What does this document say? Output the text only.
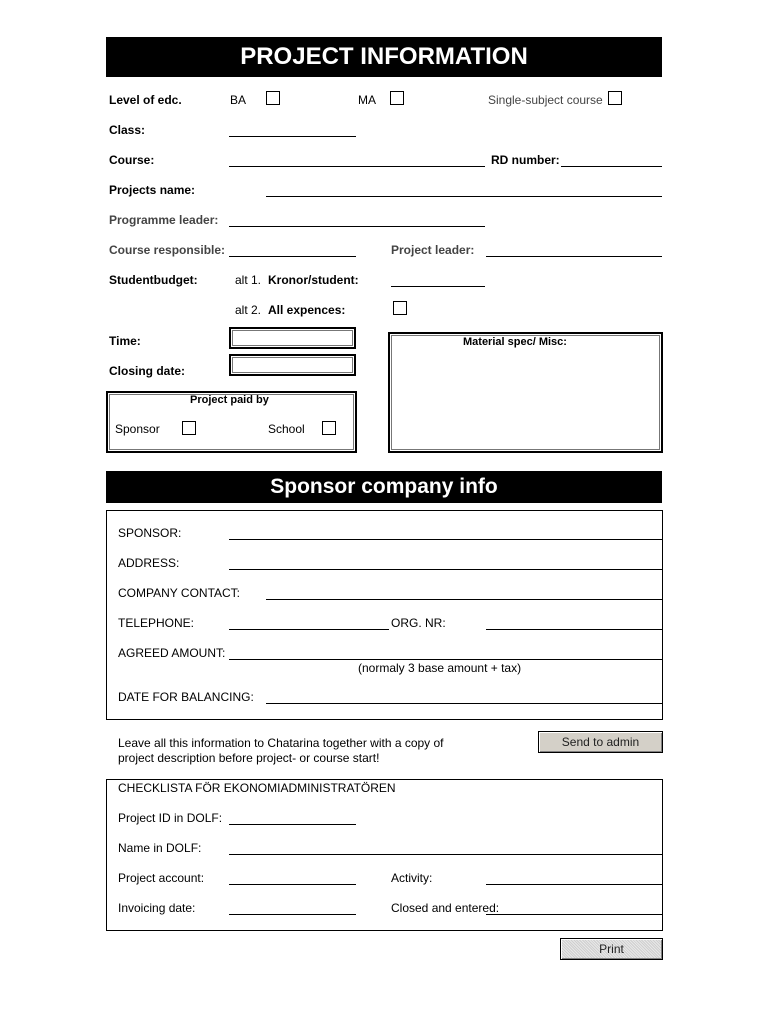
PROJECT INFORMATION
Level of edc.	BA	MA	Single-subject course
Class:
Course:	RD number:
Projects name:
Programme leader:
Course responsible:	Project leader:
Studentbudget:	alt 1. Kronor/student:
alt 2. All expences:
Time:
Closing date:
Material spec/ Misc:
Project paid by
Sponsor	School
Sponsor company info
SPONSOR:
ADDRESS:
COMPANY CONTACT:
TELEPHONE:	ORG. NR:
AGREED AMOUNT:
(normaly 3 base amount + tax)
DATE FOR BALANCING:
Leave all this information to Chatarina together with a copy of
project description before project- or course start!
Send to admin
CHECKLISTA FÖR EKONOMIADMINISTRATÖREN
Project ID in DOLF:
Name in DOLF:
Project account:	Activity:
Invoicing date:	Closed and entered:
Print
